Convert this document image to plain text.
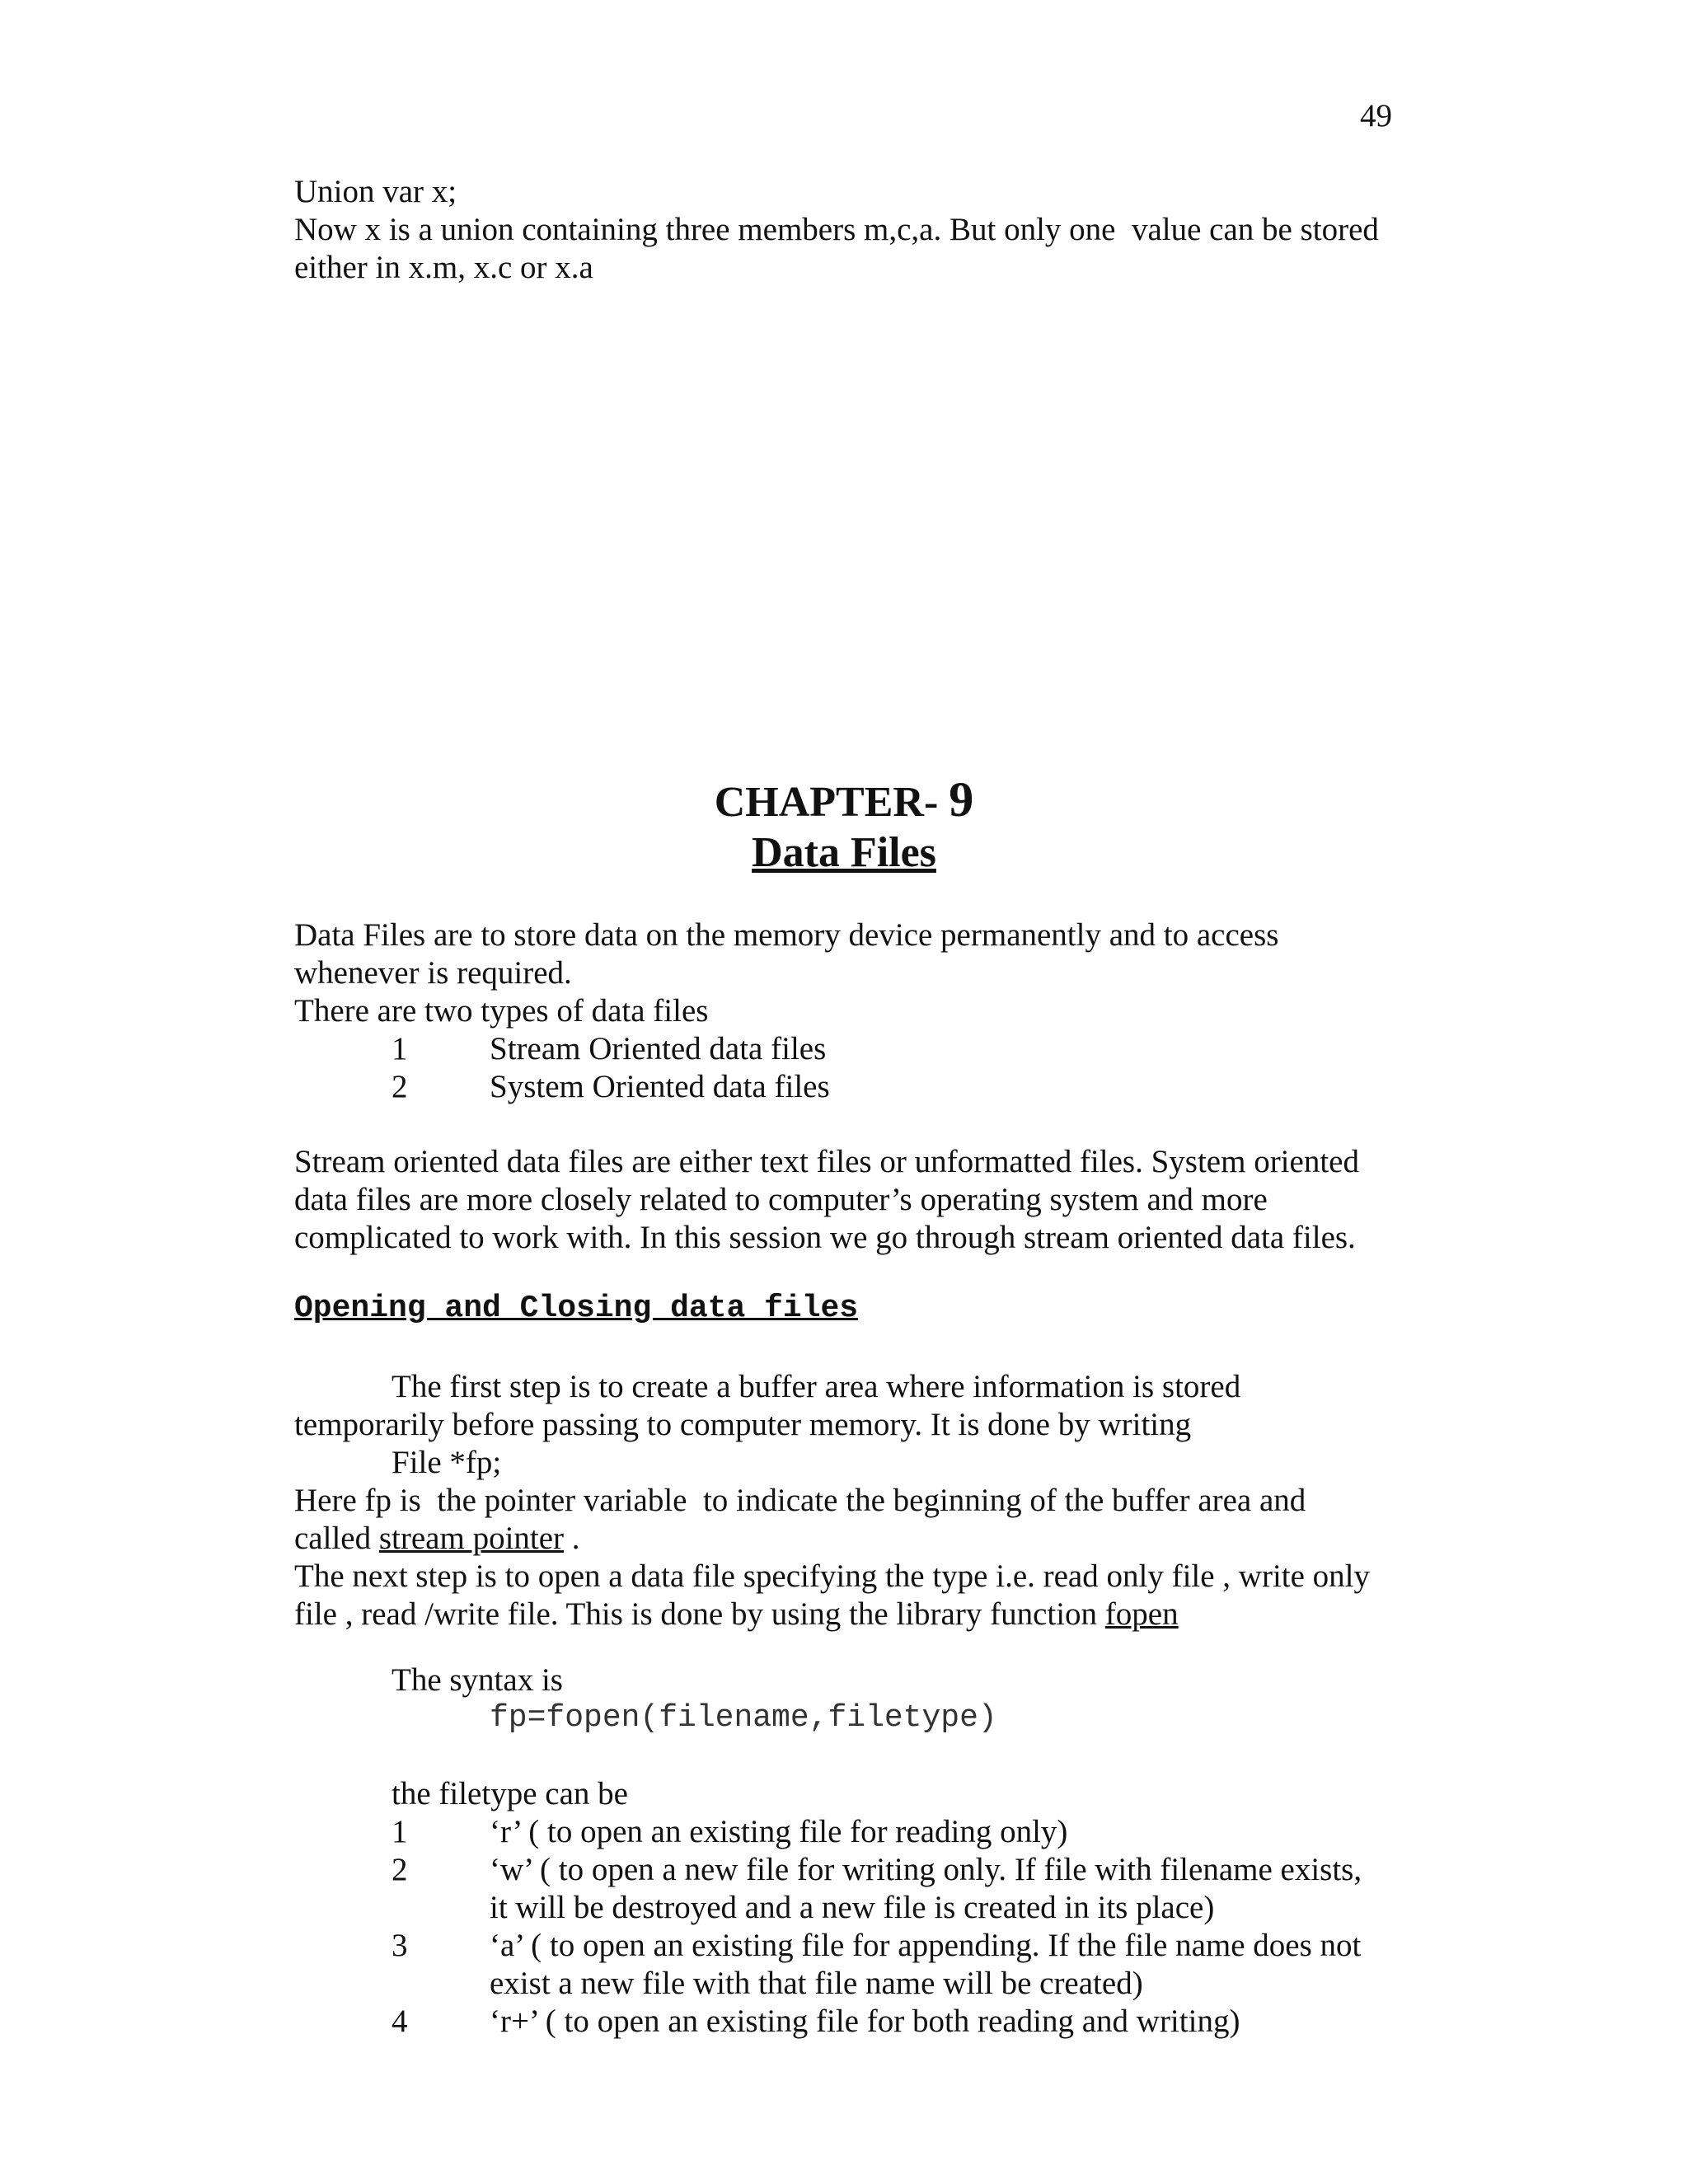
49
Union var x;
Now x is a union containing three members m,c,a. But only one  value can be stored
either in x.m, x.c or x.a
CHAPTER- 9
Data Files
Data Files are to store data on the memory device permanently and to access
whenever is required.
There are two types of data files
1	Stream Oriented data files
2	System Oriented data files
Stream oriented data files are either text files or unformatted files. System oriented
data files are more closely related to computer’s operating system and more
complicated to work with. In this session we go through stream oriented data files.
Opening and Closing data files
The first step is to create a buffer area where information is stored
temporarily before passing to computer memory. It is done by writing
File *fp;
Here fp is  the pointer variable  to indicate the beginning of the buffer area and
called stream pointer .
The next step is to open a data file specifying the type i.e. read only file , write only
file , read /write file. This is done by using the library function fopen
The syntax is
fp=fopen(filename,filetype)
the filetype can be
1	‘r’ ( to open an existing file for reading only)
2	‘w’ ( to open a new file for writing only. If file with filename exists,
it will be destroyed and a new file is created in its place)
3	‘a’ ( to open an existing file for appending. If the file name does not
exist a new file with that file name will be created)
4	‘r+’ ( to open an existing file for both reading and writing)
